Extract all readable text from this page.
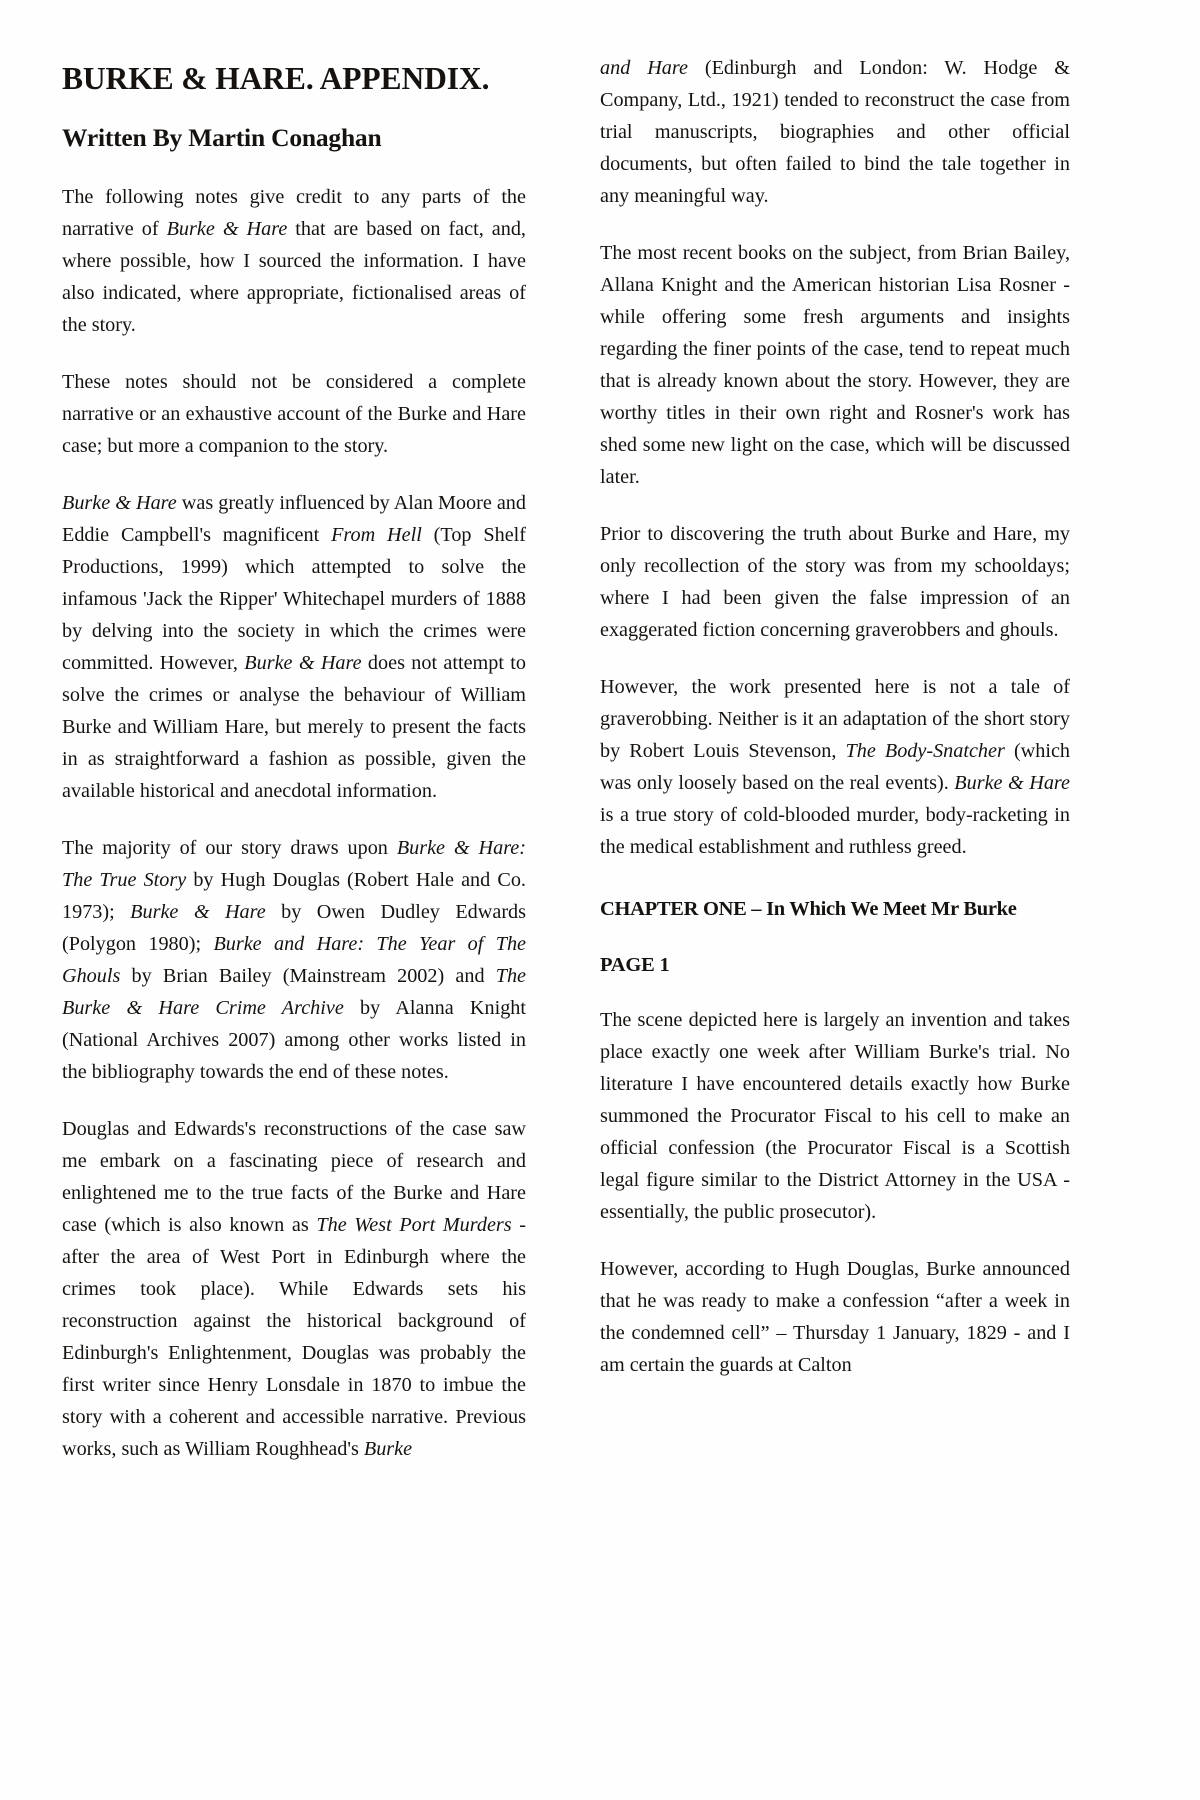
BURKE & HARE. APPENDIX.
Written By Martin Conaghan

The following notes give credit to any parts of the narrative of Burke & Hare that are based on fact, and, where possible, how I sourced the information. I have also indicated, where appropriate, fictionalised areas of the story.

These notes should not be considered a complete narrative or an exhaustive account of the Burke and Hare case; but more a companion to the story.

Burke & Hare was greatly influenced by Alan Moore and Eddie Campbell's magnificent From Hell (Top Shelf Productions, 1999) which attempted to solve the infamous 'Jack the Ripper' Whitechapel murders of 1888 by delving into the society in which the crimes were committed. However, Burke & Hare does not attempt to solve the crimes or analyse the behaviour of William Burke and William Hare, but merely to present the facts in as straightforward a fashion as possible, given the available historical and anecdotal information.

The majority of our story draws upon Burke & Hare: The True Story by Hugh Douglas (Robert Hale and Co. 1973); Burke & Hare by Owen Dudley Edwards (Polygon 1980); Burke and Hare: The Year of The Ghouls by Brian Bailey (Mainstream 2002) and The Burke & Hare Crime Archive by Alanna Knight (National Archives 2007) among other works listed in the bibliography towards the end of these notes.

Douglas and Edwards's reconstructions of the case saw me embark on a fascinating piece of research and enlightened me to the true facts of the Burke and Hare case (which is also known as The West Port Murders - after the area of West Port in Edinburgh where the crimes took place). While Edwards sets his reconstruction against the historical background of Edinburgh's Enlightenment, Douglas was probably the first writer since Henry Lonsdale in 1870 to imbue the story with a coherent and accessible narrative. Previous works, such as William Roughhead's Burke

and Hare (Edinburgh and London: W. Hodge & Company, Ltd., 1921) tended to reconstruct the case from trial manuscripts, biographies and other official documents, but often failed to bind the tale together in any meaningful way.

The most recent books on the subject, from Brian Bailey, Allana Knight and the American historian Lisa Rosner - while offering some fresh arguments and insights regarding the finer points of the case, tend to repeat much that is already known about the story. However, they are worthy titles in their own right and Rosner's work has shed some new light on the case, which will be discussed later.

Prior to discovering the truth about Burke and Hare, my only recollection of the story was from my schooldays; where I had been given the false impression of an exaggerated fiction concerning graverobbers and ghouls.

However, the work presented here is not a tale of graverobbing. Neither is it an adaptation of the short story by Robert Louis Stevenson, The Body-Snatcher (which was only loosely based on the real events). Burke & Hare is a true story of cold-blooded murder, body-racketing in the medical establishment and ruthless greed.

CHAPTER ONE – In Which We Meet Mr Burke
PAGE 1

The scene depicted here is largely an invention and takes place exactly one week after William Burke's trial. No literature I have encountered details exactly how Burke summoned the Procurator Fiscal to his cell to make an official confession (the Procurator Fiscal is a Scottish legal figure similar to the District Attorney in the USA - essentially, the public prosecutor).

However, according to Hugh Douglas, Burke announced that he was ready to make a confession “after a week in the condemned cell” – Thursday 1 January, 1829 - and I am certain the guards at Calton
